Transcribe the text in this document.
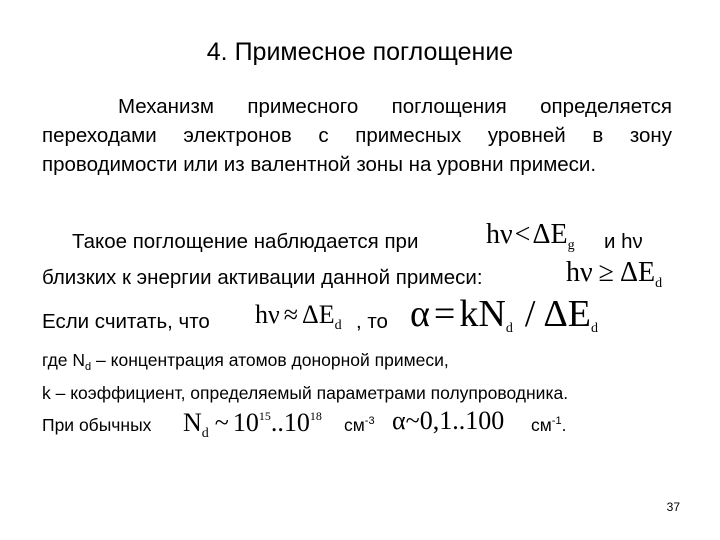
4. Примесное поглощение
Механизм примесного поглощения определяется переходами электронов с примесных уровней в зону проводимости или из валентной зоны на уровни примеси.
Такое поглощение наблюдается при $h\nu<\Delta E_g$ и hν
близких к энергии активации данной примеси:	$h\nu \ge \Delta E_d$
Если считать, что $h\nu \approx \Delta E_d$ , то $\alpha = kN_d / \Delta E_d$
где $N_d$ – концентрация атомов донорной примеси,
k – коэффициент, определяемый параметрами полупроводника.
При обычных $N_d$ ~ $10^{15}..10^{18}$ $см^{-3}$ α~0,1..100 $см^{-1}$.
37
